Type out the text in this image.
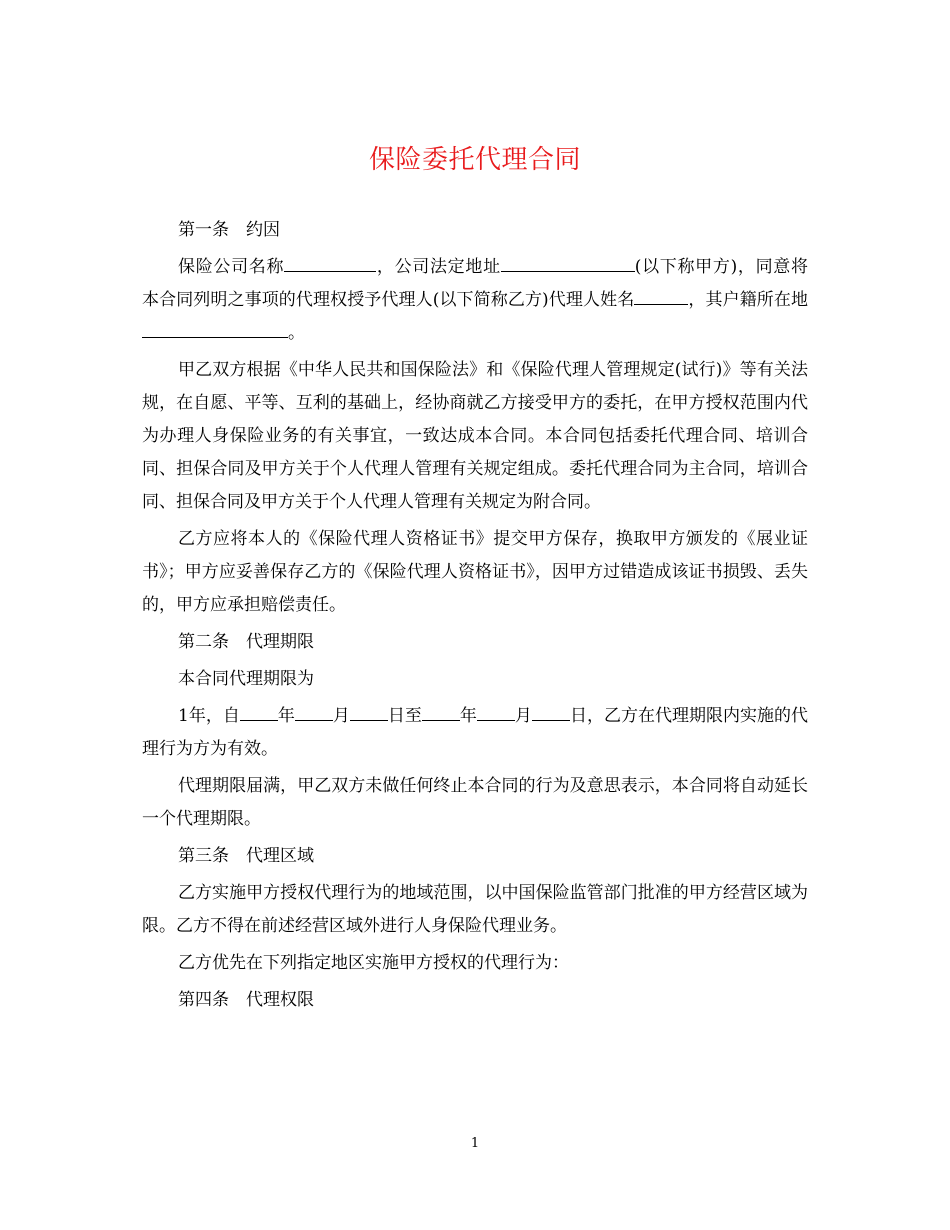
保险委托代理合同

第一条　约因

保险公司名称	，公司法定地址	(以下称甲方)，同意将本合同列明之事项的代理权授予代理人(以下简称乙方)代理人姓名	，其户籍所在地。

甲乙双方根据《中华人民共和国保险法》和《保险代理人管理规定(试行)》等有关法规，在自愿、平等、互利的基础上，经协商就乙方接受甲方的委托，在甲方授权范围内代为办理人身保险业务的有关事宜，一致达成本合同。本合同包括委托代理合同、培训合同、担保合同及甲方关于个人代理人管理有关规定组成。委托代理合同为主合同，培训合同、担保合同及甲方关于个人代理人管理有关规定为附合同。

乙方应将本人的《保险代理人资格证书》提交甲方保存，换取甲方颁发的《展业证书》；甲方应妥善保存乙方的《保险代理人资格证书》，因甲方过错造成该证书损毁、丢失的，甲方应承担赔偿责任。

第二条　代理期限

本合同代理期限为

1年，自 年 月 日至 年 月 日，乙方在代理期限内实施的代理行为方为有效。

代理期限届满，甲乙双方未做任何终止本合同的行为及意思表示，本合同将自动延长一个代理期限。

第三条　代理区域

乙方实施甲方授权代理行为的地域范围，以中国保险监管部门批准的甲方经营区域为限。乙方不得在前述经营区域外进行人身保险代理业务。

乙方优先在下列指定地区实施甲方授权的代理行为：

第四条　代理权限

1
